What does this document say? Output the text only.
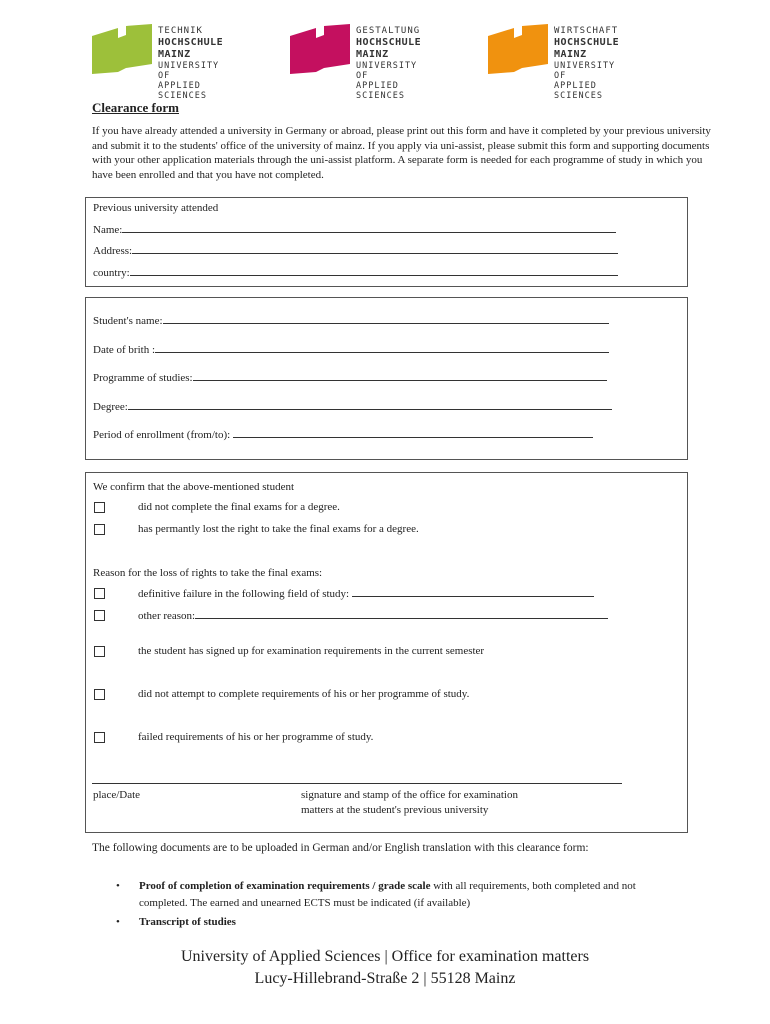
TECHNIK
HOCHSCHULE MAINZ
UNIVERSITY OF
APPLIED SCIENCES
GESTALTUNG
HOCHSCHULE MAINZ
UNIVERSITY OF
APPLIED SCIENCES
WIRTSCHAFT
HOCHSCHULE MAINZ
UNIVERSITY OF
APPLIED SCIENCES
Clearance form
If you have already attended a university in Germany or abroad, please print out this form and have it completed by your previous university and submit it to the students' office of the university of mainz. If you apply via uni-assist, please submit this form and supporting documents with your other application materials through the uni-assist platform. A separate form is needed for each programme of study in which you have been enrolled and that you have not completed.
Previous university attended
Name:
Address:
country:
Student's name:
Date of brith :
Programme of studies:
Degree:
Period of enrollment (from/to):
We confirm that the above-mentioned student
did not complete the final exams for a degree.
has permantly lost the right to take the final exams for a degree.
Reason for the loss of rights to take the final exams:
definitive failure in the following field of study:
other reason:
the student has signed up for examination requirements in the current semester
did not attempt to complete requirements of his or her programme of study.
failed requirements of his or her programme of study.
place/Date	signature and stamp of the office for examination
matters at the student's previous university
The following documents are to be uploaded in German and/or English translation with this clearance form:
• Proof of completion of examination requirements / grade scale with all requirements, both completed and not completed. The earned and unearned ECTS must be indicated (if available)
• Transcript of studies
University of Applied Sciences | Office for examination matters
Lucy-Hillebrand-Straße 2 | 55128 Mainz
